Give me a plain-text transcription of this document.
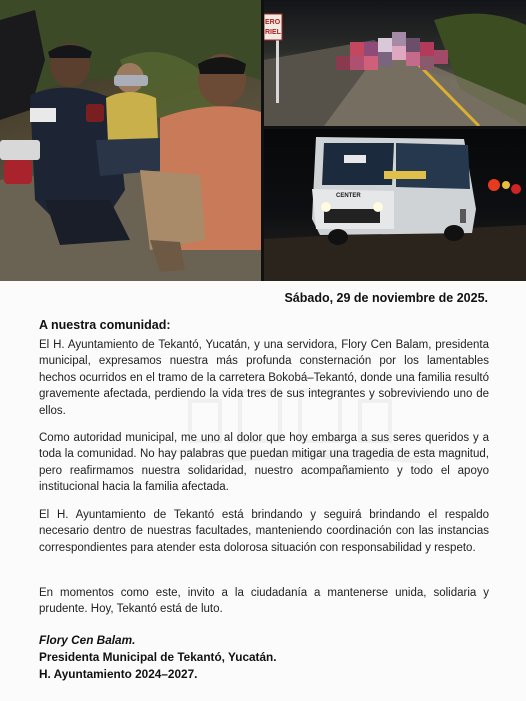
ERO
RIEL
CENTER
Sábado, 29 de noviembre de 2025.
A nuestra comunidad:

El H. Ayuntamiento de Tekantó, Yucatán, y una servidora, Flory Cen Balam, presidenta municipal, expresamos nuestra más profunda consternación por los lamentables hechos ocurridos en el tramo de la carretera Bokobá–Tekantó, donde una familia resultó gravemente afectada, perdiendo la vida tres de sus integrantes y sobreviviendo uno de ellos.

Como autoridad municipal, me uno al dolor que hoy embarga a sus seres queridos y a toda la comunidad. No hay palabras que puedan mitigar una tragedia de esta magnitud, pero reafirmamos nuestra solidaridad, nuestro acompañamiento y todo el apoyo institucional hacia la familia afectada.

El H. Ayuntamiento de Tekantó está brindando y seguirá brindando el respaldo necesario dentro de nuestras facultades, manteniendo coordinación con las instancias correspondientes para atender esta dolorosa situación con responsabilidad y respeto.

En momentos como este, invito a la ciudadanía a mantenerse unida, solidaria y prudente. Hoy, Tekantó está de luto.

Flory Cen Balam.
Presidenta Municipal de Tekantó, Yucatán.
H. Ayuntamiento 2024–2027.
